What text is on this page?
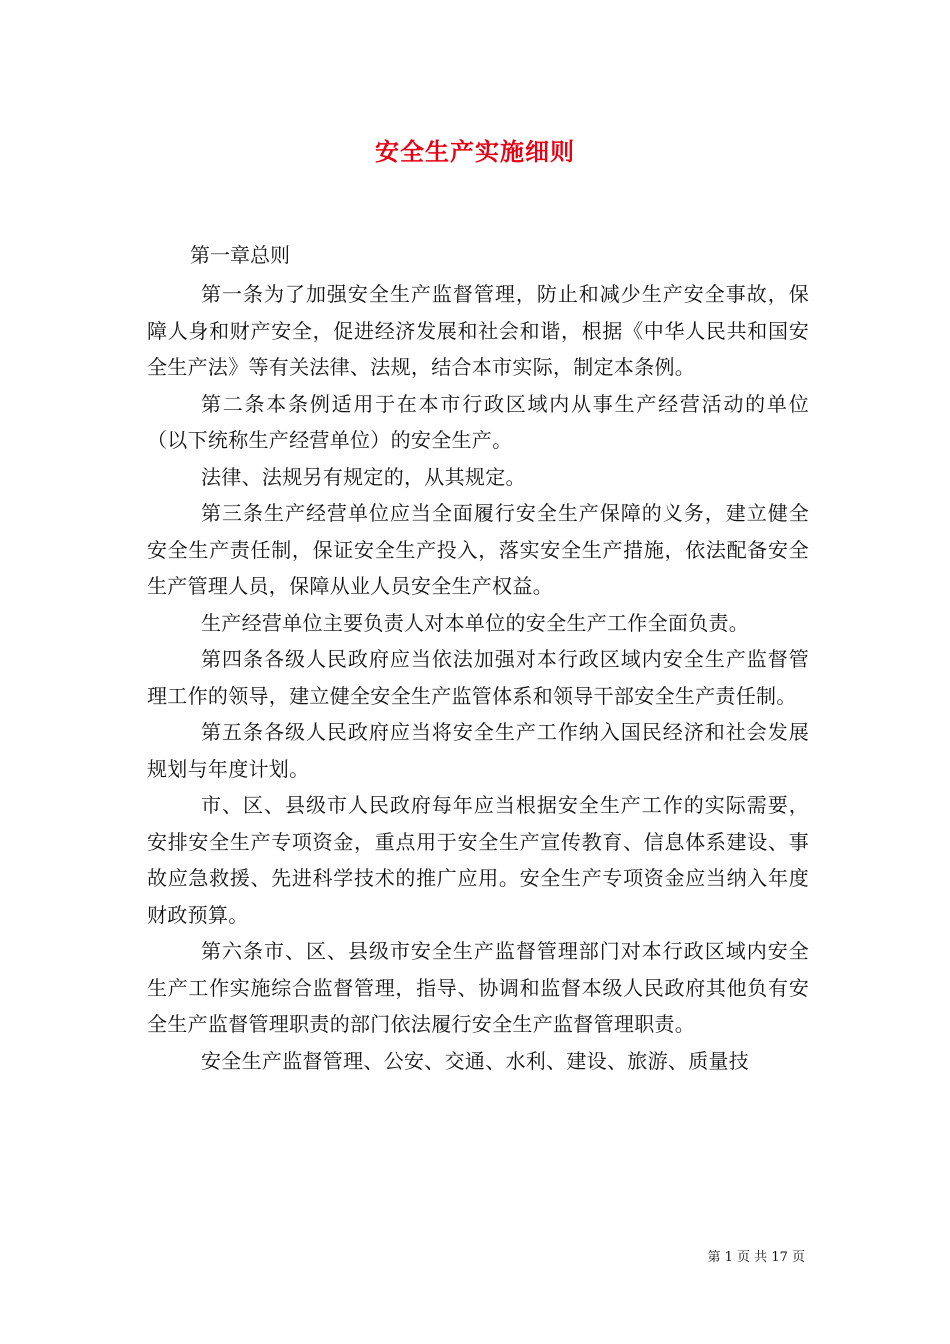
安全生产实施细则
第一章总则

第一条为了加强安全生产监督管理，防止和减少生产安全事故，保障人身和财产安全，促进经济发展和社会和谐，根据《中华人民共和国安全生产法》等有关法律、法规，结合本市实际，制定本条例。

第二条本条例适用于在本市行政区域内从事生产经营活动的单位（以下统称生产经营单位）的安全生产。

法律、法规另有规定的，从其规定。

第三条生产经营单位应当全面履行安全生产保障的义务，建立健全安全生产责任制，保证安全生产投入，落实安全生产措施，依法配备安全生产管理人员，保障从业人员安全生产权益。

生产经营单位主要负责人对本单位的安全生产工作全面负责。

第四条各级人民政府应当依法加强对本行政区域内安全生产监督管理工作的领导，建立健全安全生产监管体系和领导干部安全生产责任制。

第五条各级人民政府应当将安全生产工作纳入国民经济和社会发展规划与年度计划。

市、区、县级市人民政府每年应当根据安全生产工作的实际需要，安排安全生产专项资金，重点用于安全生产宣传教育、信息体系建设、事故应急救援、先进科学技术的推广应用。安全生产专项资金应当纳入年度财政预算。

第六条市、区、县级市安全生产监督管理部门对本行政区域内安全生产工作实施综合监督管理，指导、协调和监督本级人民政府其他负有安全生产监督管理职责的部门依法履行安全生产监督管理职责。

安全生产监督管理、公安、交通、水利、建设、旅游、质量技

第 1 页 共 17 页
